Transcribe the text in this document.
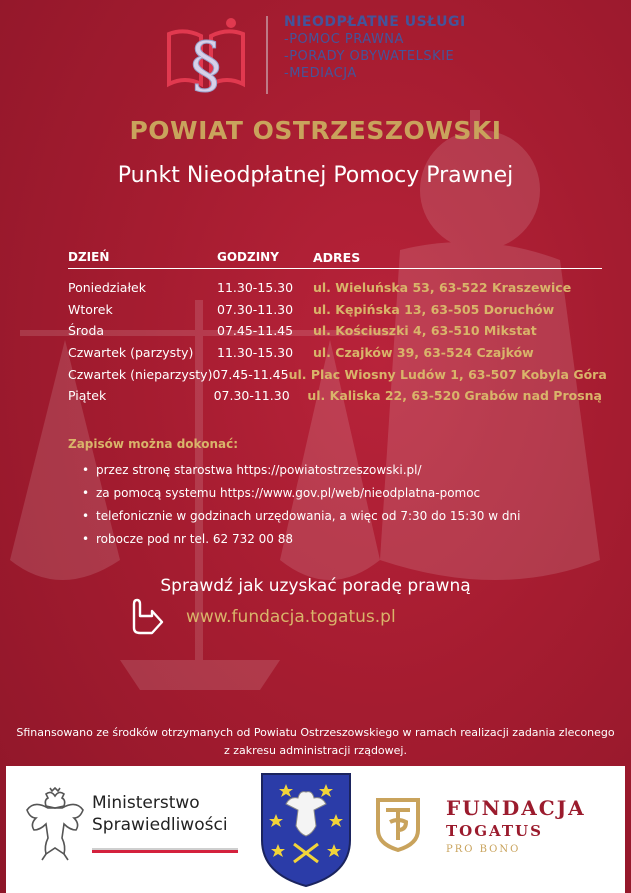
§
NIEODPŁATNE USŁUGI
-POMOC PRAWNA
-PORADY OBYWATELSKIE
-MEDIACJA
POWIAT OSTRZESZOWSKI
Punkt Nieodpłatnej Pomocy Prawnej
DZIEŃ	GODZINY	ADRES
Poniedziałek	11.30-15.30	ul. Wieluńska 53, 63-522 Kraszewice
Wtorek	07.30-11.30	ul. Kępińska 13, 63-505 Doruchów
Środa	07.45-11.45	ul. Kościuszki 4, 63-510 Mikstat
Czwartek (parzysty)	11.30-15.30	ul. Czajków 39, 63-524 Czajków
Czwartek (nieparzysty) 07.45-11.45 ul. Plac Wiosny Ludów 1, 63-507 Kobyla Góra
Piątek	07.30-11.30	ul. Kaliska 22, 63-520 Grabów nad Prosną
Zapisów można dokonać:
• przez stronę starostwa https://powiatostrzeszowski.pl/
• za pomocą systemu https://www.gov.pl/web/nieodplatna-pomoc
• telefonicznie w godzinach urzędowania, a więc od 7:30 do 15:30 w dni
• robocze pod nr tel. 62 732 00 88
Sprawdź jak uzyskać poradę prawną
www.fundacja.togatus.pl
Sfinansowano ze środków otrzymanych od Powiatu Ostrzeszowskiego w ramach realizacji zadania zleconego
z zakresu administracji rządowej.
Ministerstwo
Sprawiedliwości
FUNDACJA
TOGATUS
PRO BONO
